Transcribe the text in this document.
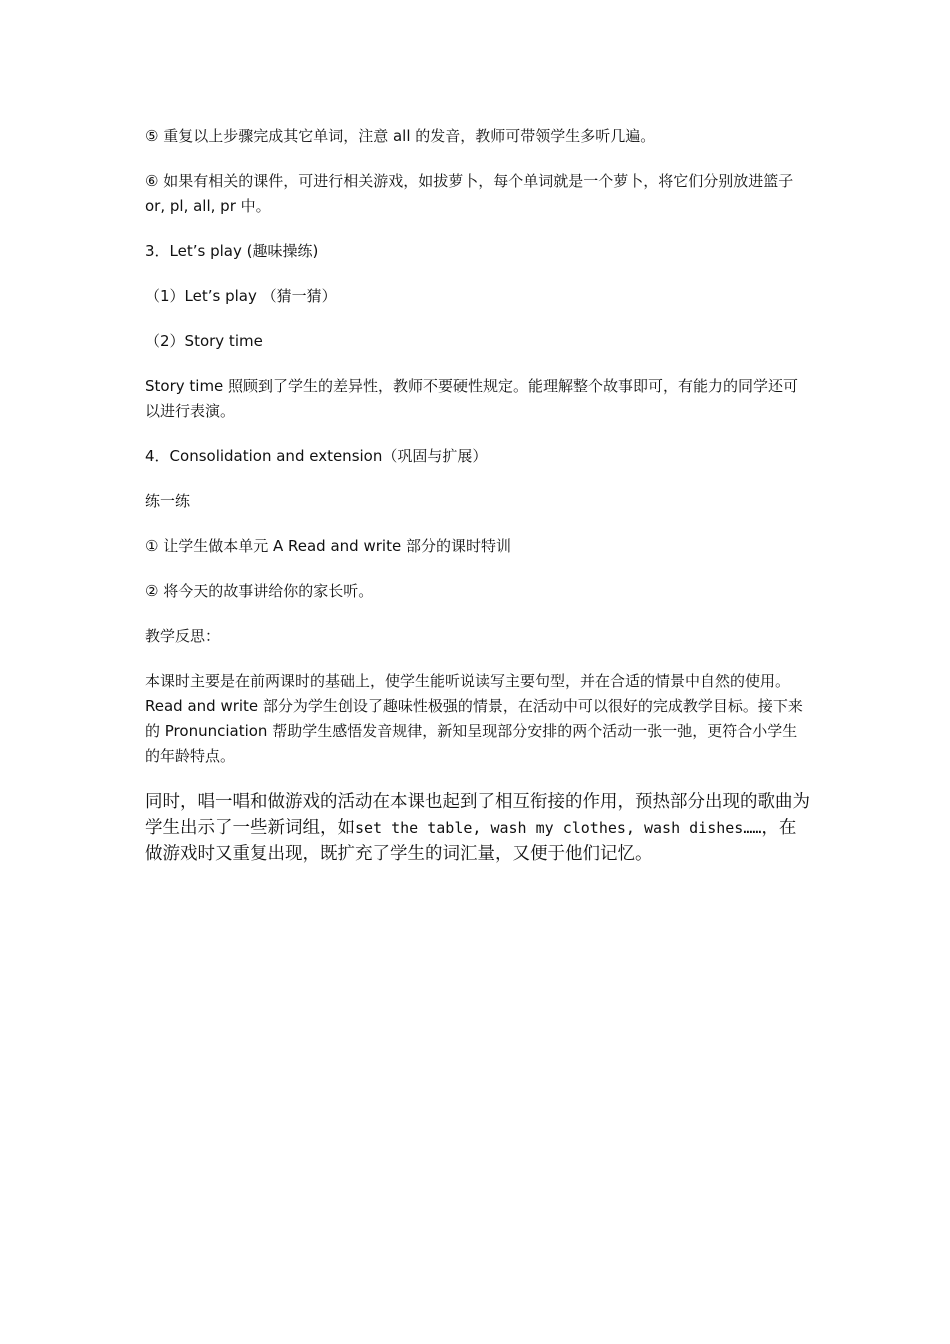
⑤ 重复以上步骤完成其它单词，注意 all 的发音，教师可带领学生多听几遍。

⑥ 如果有相关的课件，可进行相关游戏，如拔萝卜，每个单词就是一个萝卜，将它们分别放进篮子 or, pl, all, pr 中。

3．Let’s play (趣味操练)

（1）Let’s play （猜一猜）

（2）Story time

Story time 照顾到了学生的差异性，教师不要硬性规定。能理解整个故事即可，有能力的同学还可以进行表演。

4．Consolidation and extension（巩固与扩展）

练一练

① 让学生做本单元 A Read and write 部分的课时特训

② 将今天的故事讲给你的家长听。

教学反思：

本课时主要是在前两课时的基础上，使学生能听说读写主要句型，并在合适的情景中自然的使用。Read and write 部分为学生创设了趣味性极强的情景，在活动中可以很好的完成教学目标。接下来的 Pronunciation 帮助学生感悟发音规律，新知呈现部分安排的两个活动一张一弛，更符合小学生的年龄特点。

同时，唱一唱和做游戏的活动在本课也起到了相互衔接的作用，预热部分出现的歌曲为学生出示了一些新词组，如set the table, wash my clothes, wash dishes……，在做游戏时又重复出现，既扩充了学生的词汇量，又便于他们记忆。
